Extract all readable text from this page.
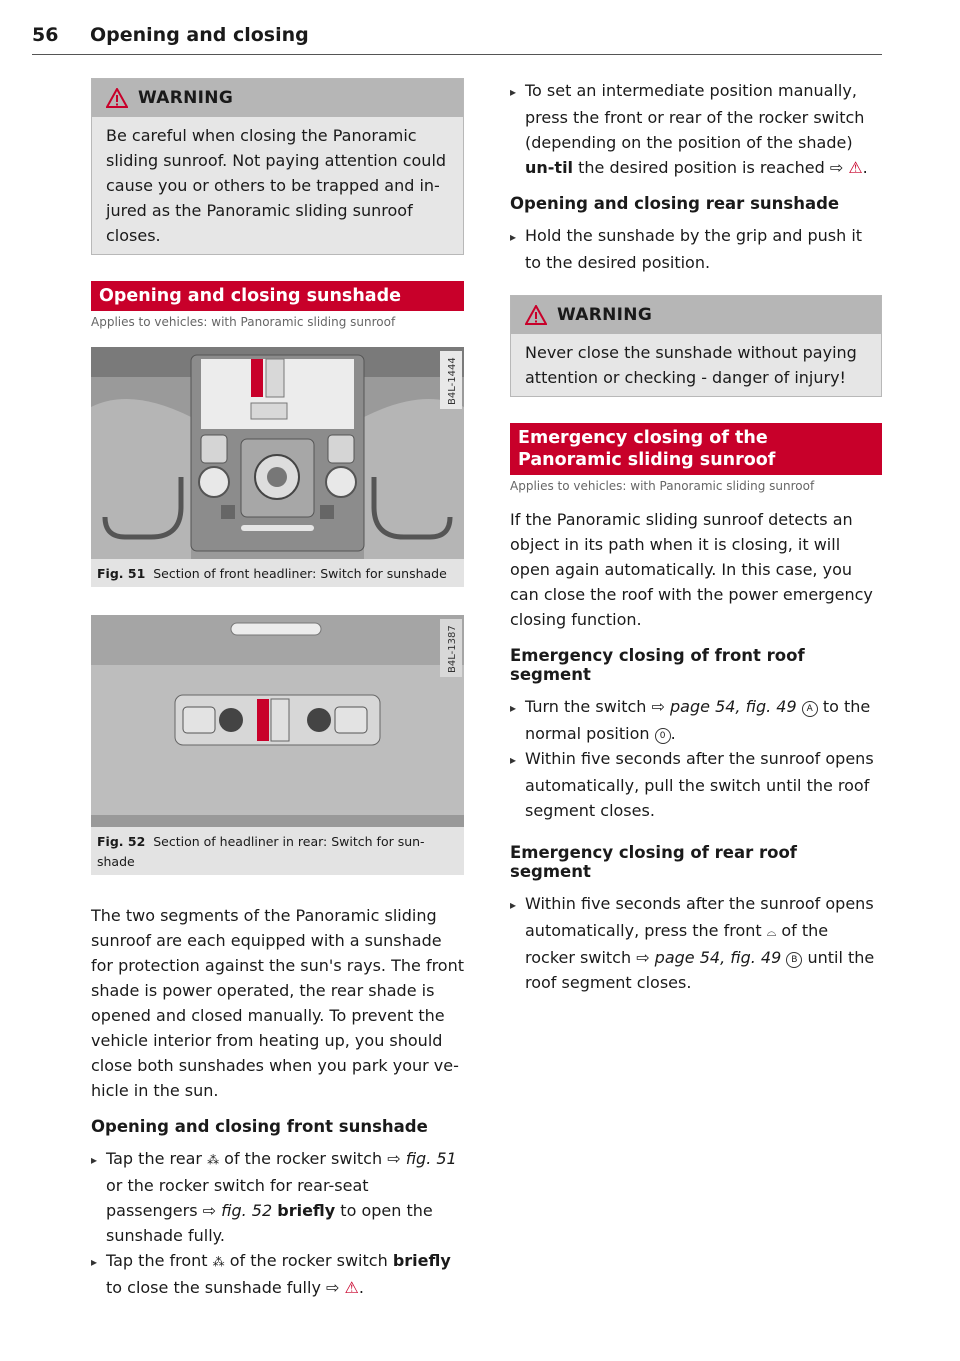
56 Opening and closing
WARNING
Be careful when closing the Panoramic sliding sunroof. Not paying attention could cause you or others to be trapped and in-jured as the Panoramic sliding sunroof closes.
Opening and closing sunshade
Applies to vehicles: with Panoramic sliding sunroof
B4L-1444
Fig. 51 Section of front headliner: Switch for sunshade
B4L-1387
Fig. 52 Section of headliner in rear: Switch for sun-shade

The two segments of the Panoramic sliding sunroof are each equipped with a sunshade for protection against the sun's rays. The front shade is power operated, the rear shade is opened and closed manually. To prevent the vehicle interior from heating up, you should close both sunshades when you park your ve-hicle in the sun.

Opening and closing front sunshade
▸Tap the rear ⁂ of the rocker switch ⇨ fig. 51 or the rocker switch for rear-seat passengers ⇨ fig. 52 briefly to open the sunshade fully.
▸Tap the front ⁂ of the rocker switch briefly to close the sunshade fully ⇨ ⚠.
▸To set an intermediate position manually, press the front or rear of the rocker switch (depending on the position of the shade) un-til the desired position is reached ⇨ ⚠.
Opening and closing rear sunshade
▸Hold the sunshade by the grip and push it to the desired position.
WARNING
Never close the sunshade without paying attention or checking - danger of injury!
Emergency closing of the Panoramic sliding sunroof
Applies to vehicles: with Panoramic sliding sunroof

If the Panoramic sliding sunroof detects an object in its path when it is closing, it will open again automatically. In this case, you can close the roof with the power emergency closing function.

Emergency closing of front roof segment
▸Turn the switch ⇨ page 54, fig. 49 A to the normal position 0 .
▸Within five seconds after the sunroof opens automatically, pull the switch until the roof segment closes.
Emergency closing of rear roof segment
▸Within five seconds after the sunroof opens automatically, press the front ⌓ of the rocker switch ⇨ page 54, fig. 49 B until the roof segment closes.
